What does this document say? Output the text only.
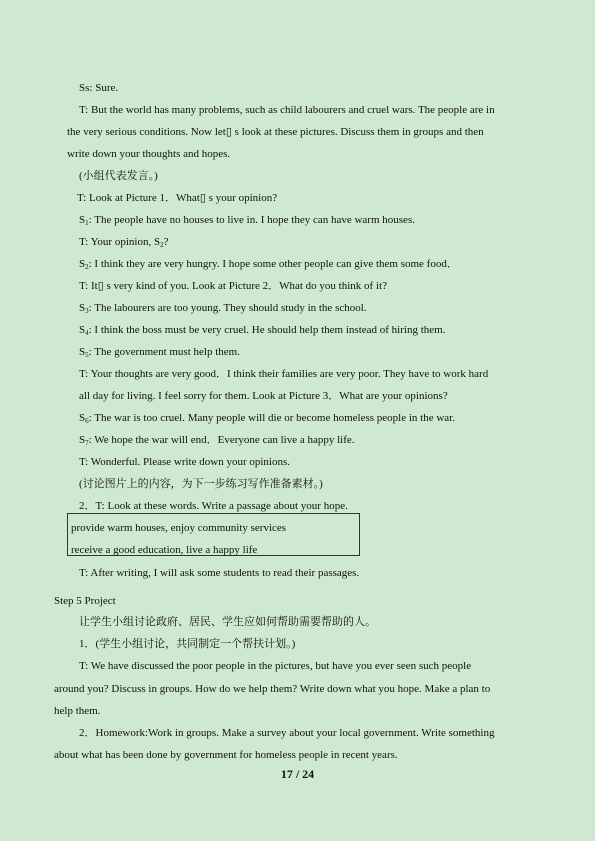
Ss: Sure.
T: But the world has many problems, such as child labourers and cruel wars. The people are in
the very serious conditions. Now let▯ s look at these pictures. Discuss them in groups and then
write down your thoughts and hopes.
(小组代表发言。)
T: Look at Picture 1．What▯ s your opinion?
$S_1$: The people have no houses to live in. I hope they can have warm houses.
T: Your opinion, $S_2$?
$S_2$: I think they are very hungry. I hope some other people can give them some food．
T: It▯ s very kind of you. Look at Picture 2．What do you think of it?
$S_3$: The labourers are too young. They should study in the school.
$S_4$: I think the boss must be very cruel. He should help them instead of hiring them.
$S_5$: The government must help them.
T: Your thoughts are very good．I think their families are very poor. They have to work hard
all day for living. I feel sorry for them. Look at Picture 3．What are your opinions?
$S_6$: The war is too cruel. Many people will die or become homeless people in the war.
$S_7$: We hope the war will end．Everyone can live a happy life.
T: Wonderful. Please write down your opinions.
(讨论图片上的内容，为下一步练习写作准备素材。)
2．T: Look at these words. Write a passage about your hope.
provide warm houses, enjoy community services
receive a good education, live a happy life
T: After writing, I will ask some students to read their passages.
Step 5 Project
让学生小组讨论政府、居民、学生应如何帮助需要帮助的人。
1．(学生小组讨论，共同制定一个帮扶计划。)
T: We have discussed the poor people in the pictures, but have you ever seen such people
around you? Discuss in groups. How do we help them? Write down what you hope. Make a plan to
help them.
2．Homework:Work in groups. Make a survey about your local government. Write something
about what has been done by government for homeless people in recent years.
17 / 24
